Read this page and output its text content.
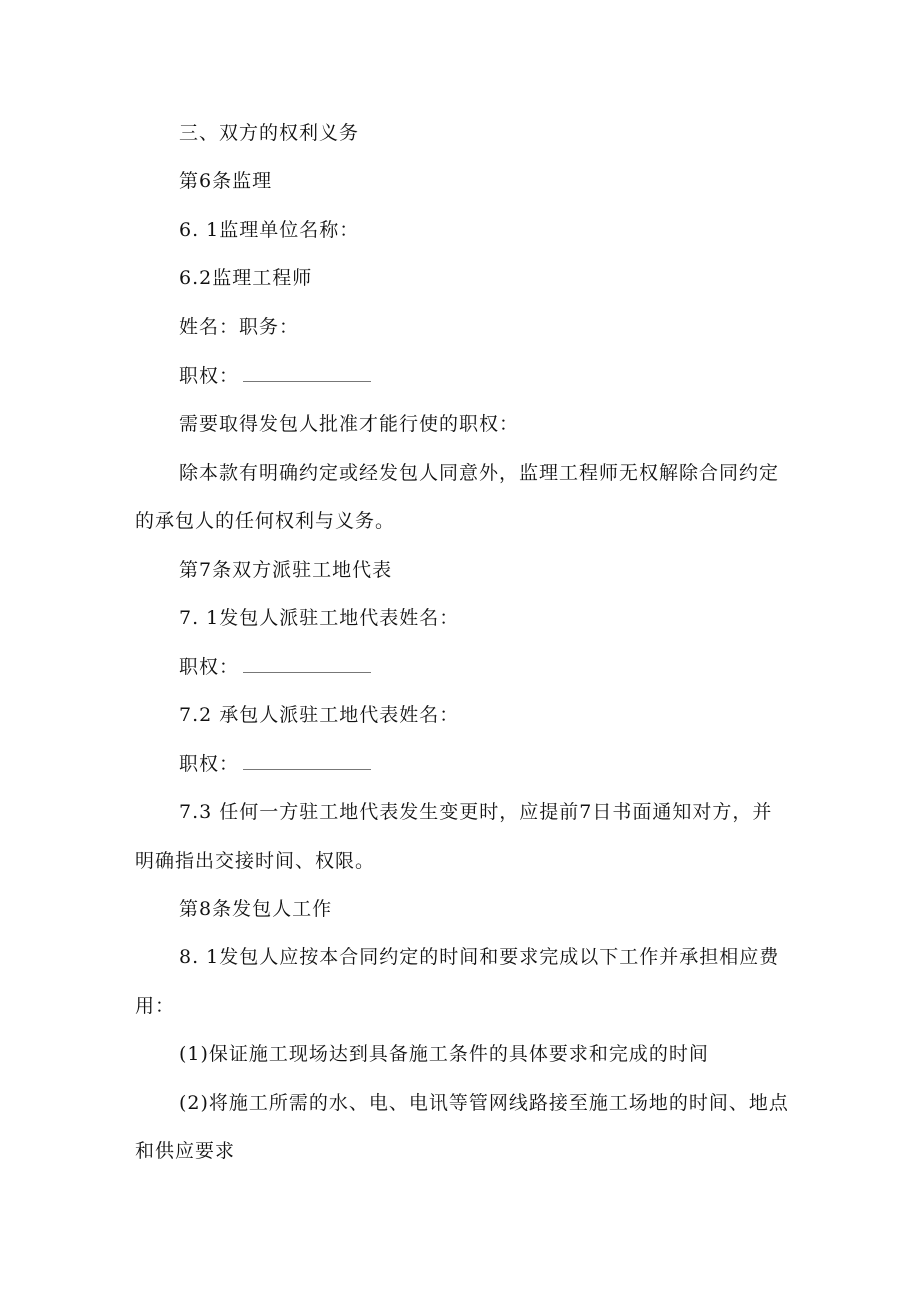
三、双方的权利义务
第6条监理
6. 1监理单位名称：
6.2监理工程师
姓名：职务：
职权：
需要取得发包人批准才能行使的职权：
除本款有明确约定或经发包人同意外，监理工程师无权解除合同约定
的承包人的任何权利与义务。
第7条双方派驻工地代表
7. 1发包人派驻工地代表姓名：
职权：
7.2 承包人派驻工地代表姓名：
职权：
7.3 任何一方驻工地代表发生变更时，应提前7日书面通知对方，并
明确指出交接时间、权限。
第8条发包人工作
8. 1发包人应按本合同约定的时间和要求完成以下工作并承担相应费
用：
(1)保证施工现场达到具备施工条件的具体要求和完成的时间
(2)将施工所需的水、电、电讯等管网线路接至施工场地的时间、地点
和供应要求
